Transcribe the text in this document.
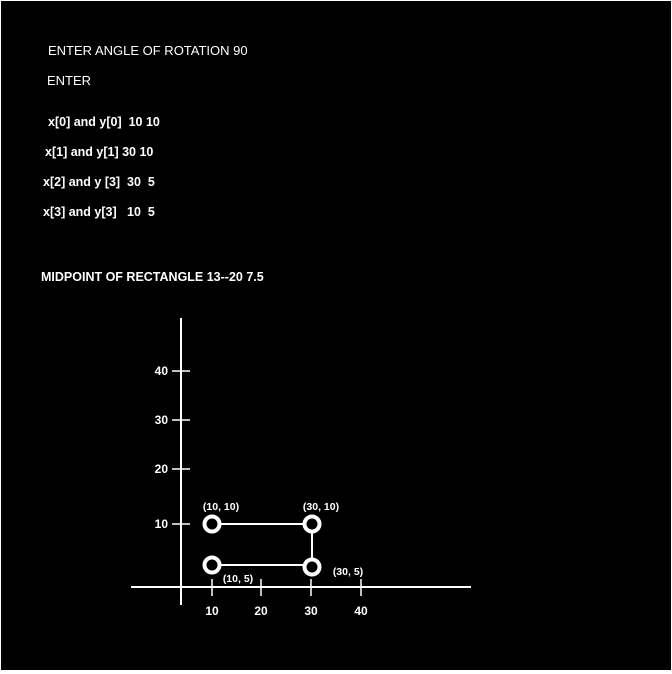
ENTER ANGLE OF ROTATION 90
ENTER
x[0] and y[0]  10 10
x[1] and y[1] 30 10
x[2] and y [3]  30  5
x[3] and y[3]   10  5
MIDPOINT OF RECTANGLE 13--20 7.5
40
30
20
10
10	20	30	40
(10, 10)	(30, 10)
(10, 5)
(30, 5)
